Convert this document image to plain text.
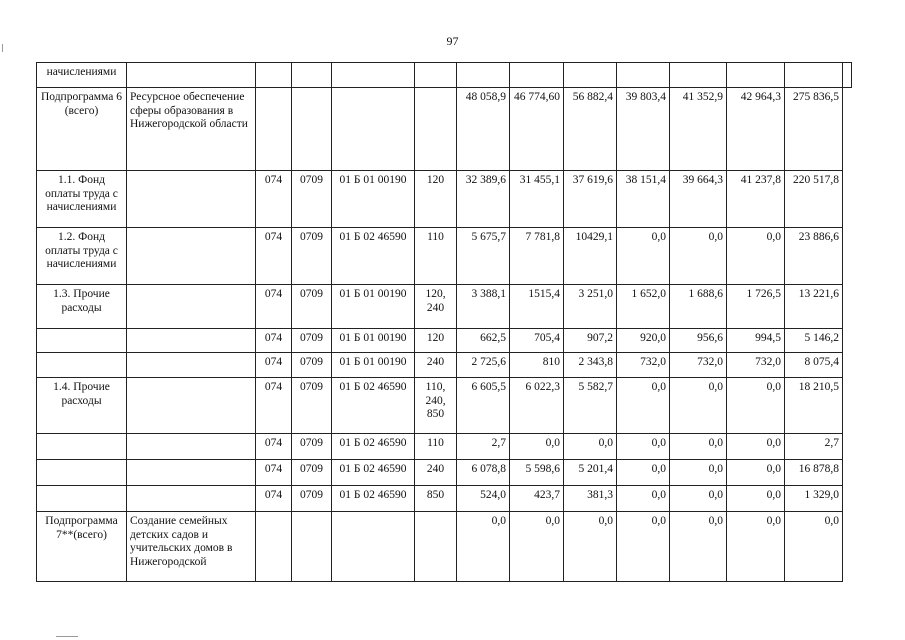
97
начислениями													
Подпрограмма 6 (всего)	Ресурсное обеспечение сферы образования в Нижегородской области					48 058,9	46 774,60	56 882,4	39 803,4	41 352,9	42 964,3	275 836,5	
1.1. Фонд оплаты труда с начислениями		074	0709	01 Б 01 00190	120	32 389,6	31 455,1	37 619,6	38 151,4	39 664,3	41 237,8	220 517,8	
1.2. Фонд оплаты труда с начислениями		074	0709	01 Б 02 46590	110	5 675,7	7 781,8	10429,1	0,0	0,0	0,0	23 886,6	
1.3. Прочие расходы		074	0709	01 Б 01 00190	120, 240	3 388,1	1515,4	3 251,0	1 652,0	1 688,6	1 726,5	13 221,6	
		074	0709	01 Б 01 00190	120	662,5	705,4	907,2	920,0	956,6	994,5	5 146,2	
		074	0709	01 Б 01 00190	240	2 725,6	810	2 343,8	732,0	732,0	732,0	8 075,4	
1.4. Прочие расходы		074	0709	01 Б 02 46590	110, 240, 850	6 605,5	6 022,3	5 582,7	0,0	0,0	0,0	18 210,5	
		074	0709	01 Б 02 46590	110	2,7	0,0	0,0	0,0	0,0	0,0	2,7	
		074	0709	01 Б 02 46590	240	6 078,8	5 598,6	5 201,4	0,0	0,0	0,0	16 878,8	
		074	0709	01 Б 02 46590	850	524,0	423,7	381,3	0,0	0,0	0,0	1 329,0	
Подпрограмма 7**(всего)	Создание семейных детских садов и учительских домов в Нижегородской					0,0	0,0	0,0	0,0	0,0	0,0	0,0	
